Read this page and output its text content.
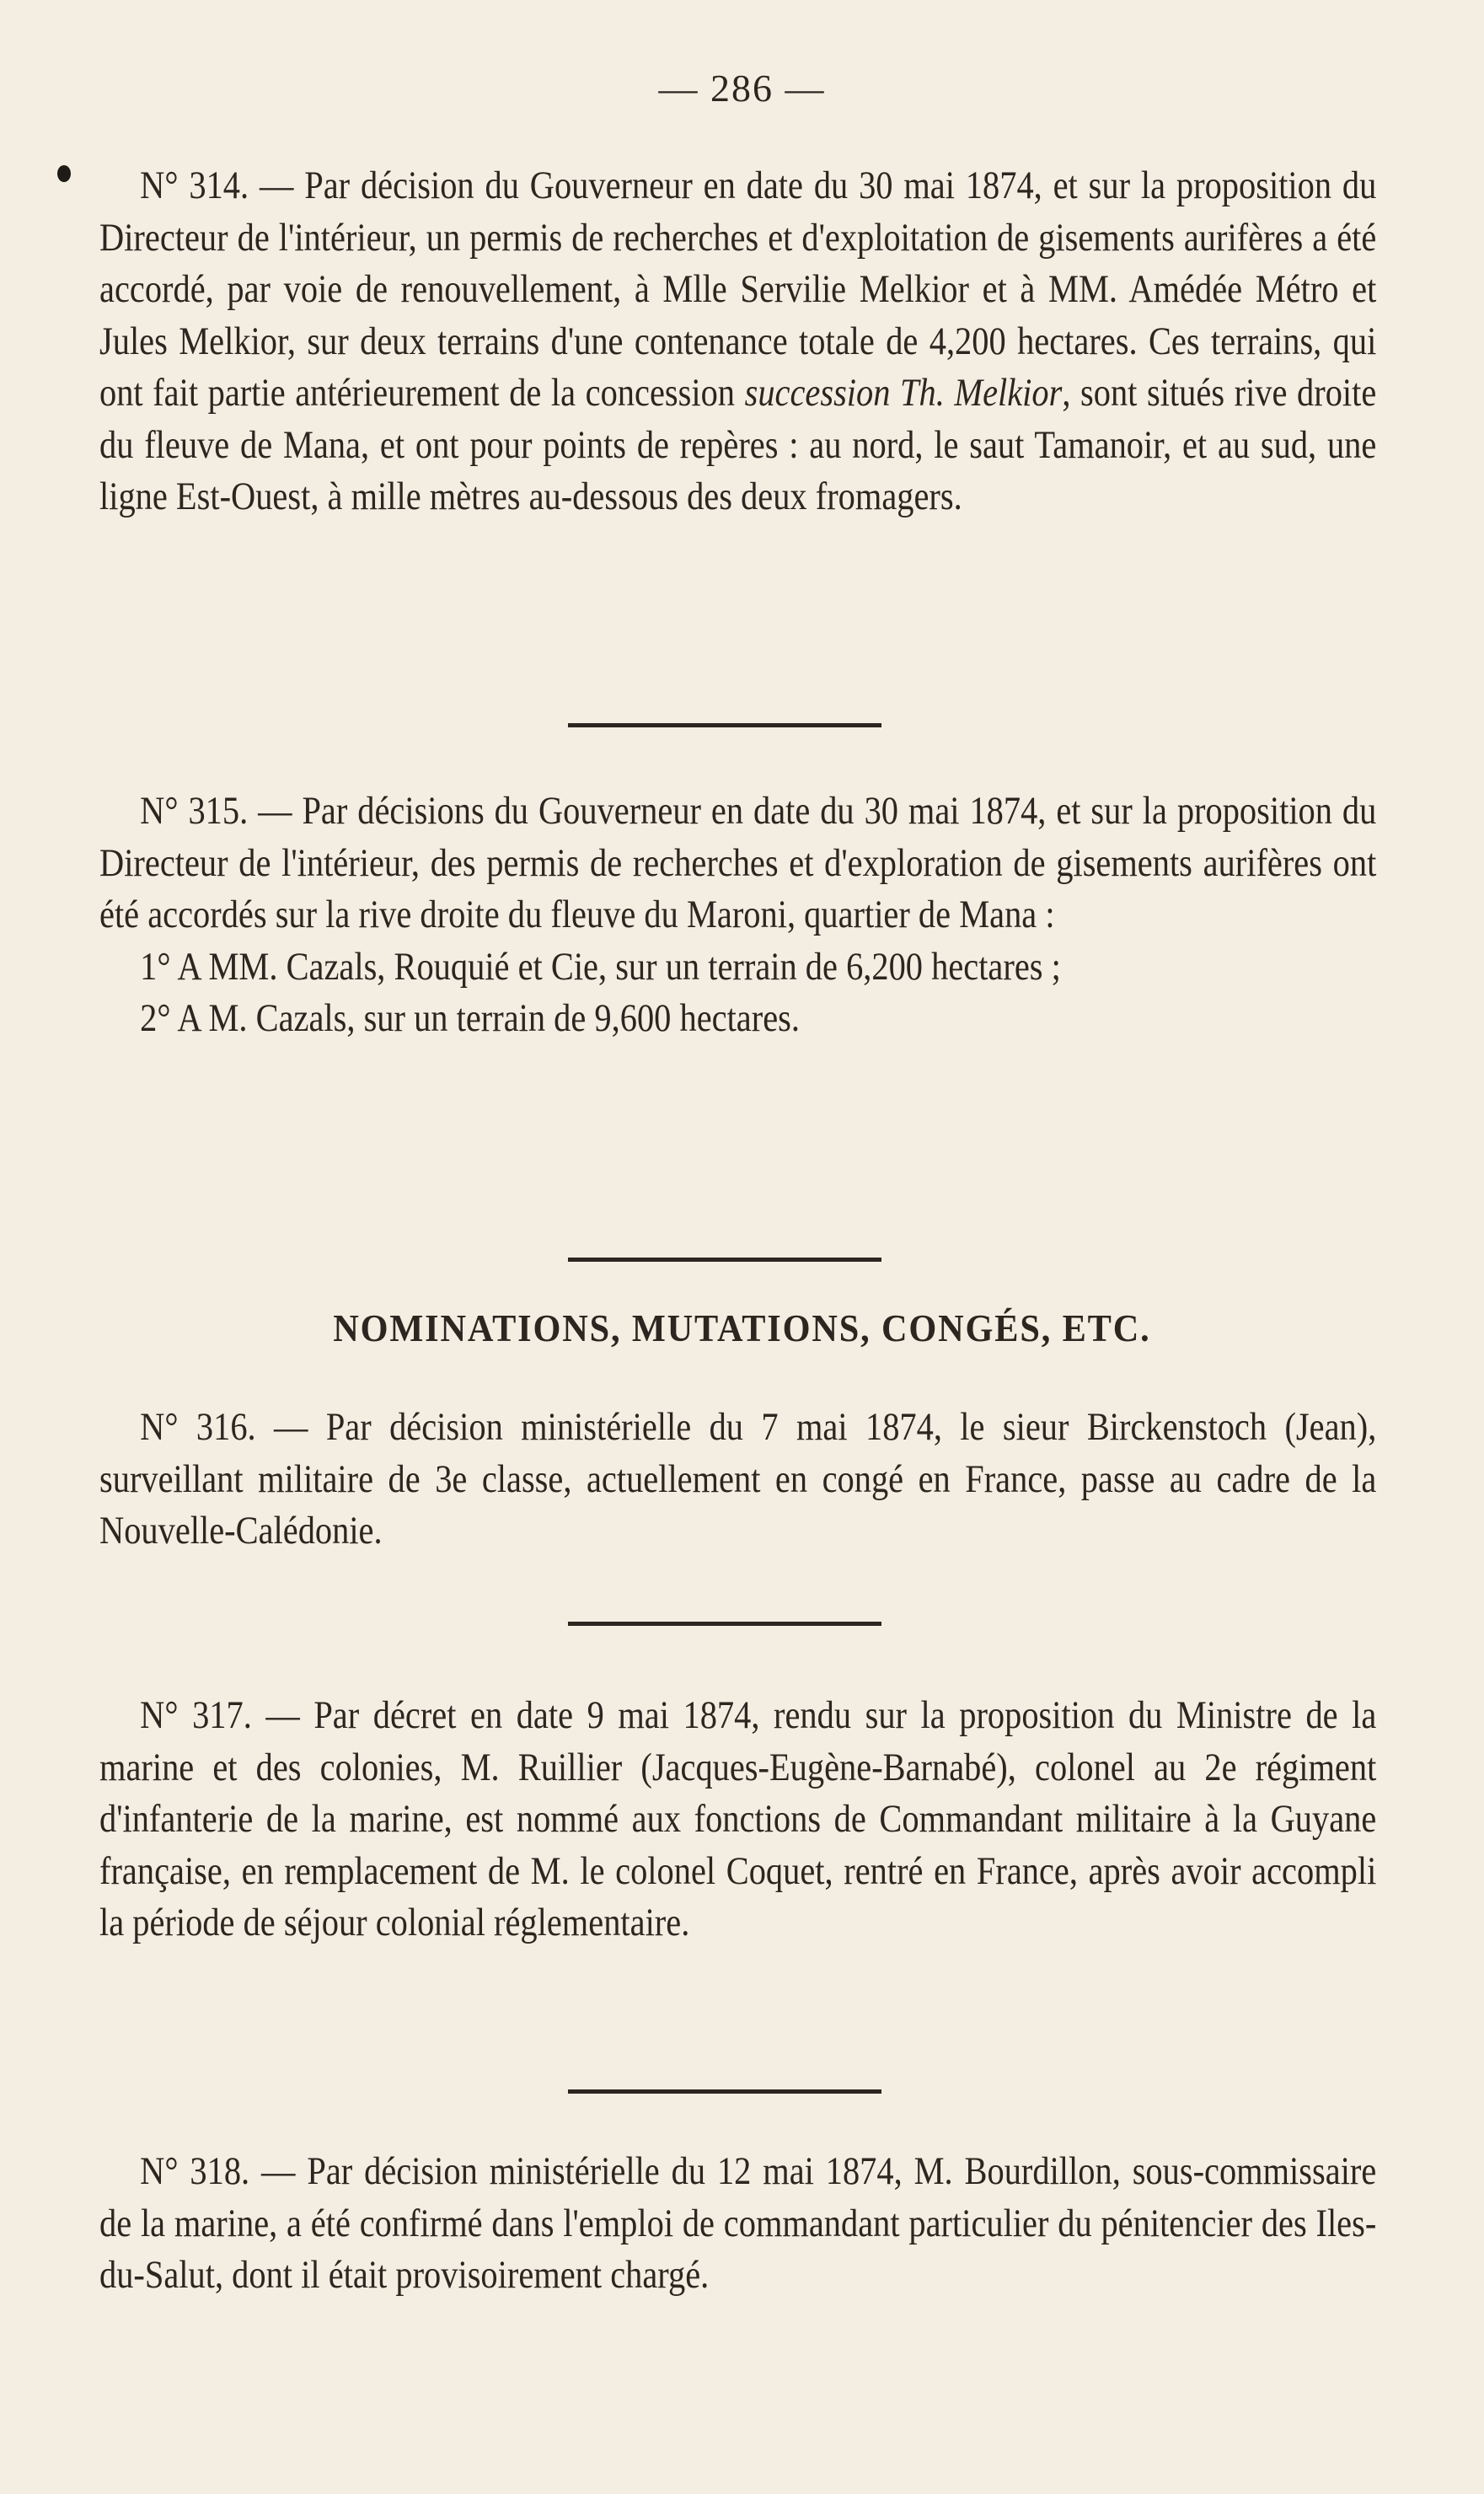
— 286 —

N° 314. — Par décision du Gouverneur en date du 30 mai 1874, et sur la proposition du Directeur de l'intérieur, un permis de recherches et d'exploitation de gisements aurifères a été accordé, par voie de renouvellement, à Mlle Servilie Melkior et à MM. Amédée Métro et Jules Melkior, sur deux terrains d'une contenance totale de 4,200 hectares. Ces terrains, qui ont fait partie antérieurement de la concession succession Th. Melkior, sont situés rive droite du fleuve de Mana, et ont pour points de repères : au nord, le saut Tamanoir, et au sud, une ligne Est-Ouest, à mille mètres au-dessous des deux fromagers.

N° 315. — Par décisions du Gouverneur en date du 30 mai 1874, et sur la proposition du Directeur de l'intérieur, des permis de recherches et d'exploration de gisements aurifères ont été accordés sur la rive droite du fleuve du Maroni, quartier de Mana :

1° A MM. Cazals, Rouquié et Cie, sur un terrain de 6,200 hectares ;

2° A M. Cazals, sur un terrain de 9,600 hectares.

NOMINATIONS, MUTATIONS, CONGÉS, ETC.

N° 316. — Par décision ministérielle du 7 mai 1874, le sieur Birckenstoch (Jean), surveillant militaire de 3e classe, actuellement en congé en France, passe au cadre de la Nouvelle-Calédonie.

N° 317. — Par décret en date 9 mai 1874, rendu sur la proposition du Ministre de la marine et des colonies, M. Ruillier (Jacques-Eugène-Barnabé), colonel au 2e régiment d'infanterie de la marine, est nommé aux fonctions de Commandant militaire à la Guyane française, en remplacement de M. le colonel Coquet, rentré en France, après avoir accompli la période de séjour colonial réglementaire.

N° 318. — Par décision ministérielle du 12 mai 1874, M. Bourdillon, sous-commissaire de la marine, a été confirmé dans l'emploi de commandant particulier du pénitencier des Iles-du-Salut, dont il était provisoirement chargé.
